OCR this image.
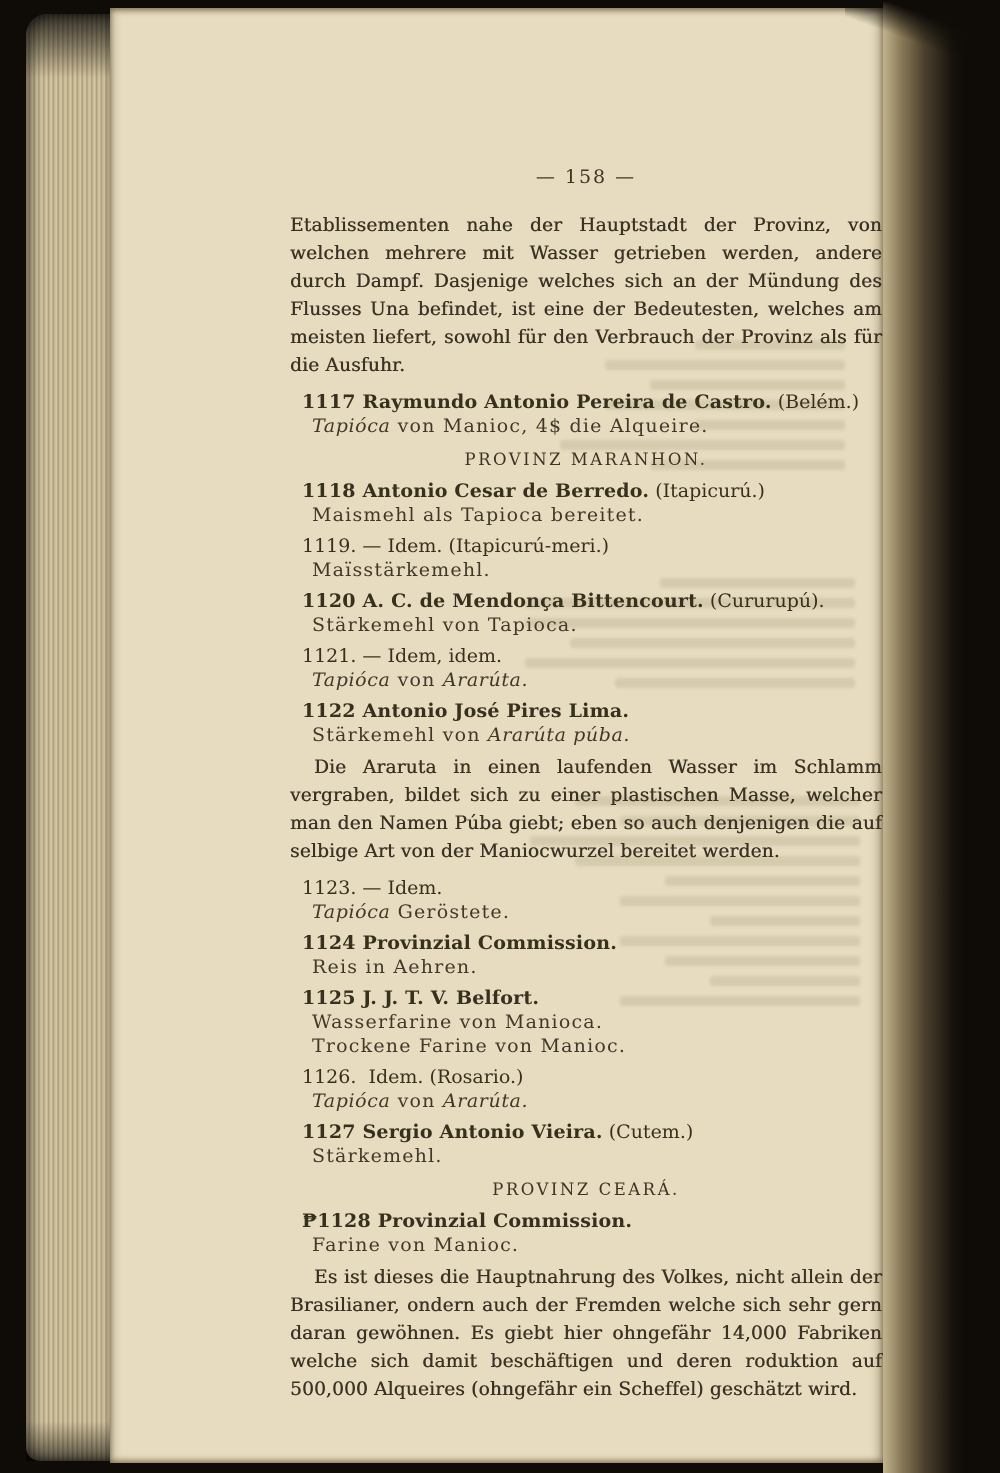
— 158 —

Etablissementen nahe der Hauptstadt der Provinz, von welchen mehrere mit Wasser getrieben werden, andere durch Dampf. Dasjenige welches sich an der Mündung des Flusses Una befindet, ist eine der Bedeutesten, welches am meisten liefert, sowohl für den Verbrauch der Provinz als für die Ausfuhr.

1117 Raymundo Antonio Pereira de Castro. (Belém.)
Tapióca von Manioc, 4$ die Alqueire.
PROVINZ MARANHON.
1118 Antonio Cesar de Berredo. (Itapicurú.)
Maismehl als Tapioca bereitet.
1119. — Idem. (Itapicurú-meri.)
Maïsstärkemehl.
1120 A. C. de Mendonça Bittencourt. (Cururupú).
Stärkemehl von Tapioca.
1121. — Idem, idem.
Tapióca von Ararúta.
1122 Antonio José Pires Lima.
Stärkemehl von Ararúta púba.

Die Araruta in einen laufenden Wasser im Schlamm vergraben, bildet sich zu einer plastischen Masse, welcher man den Namen Púba giebt; eben so auch denjenigen die auf selbige Art von der Maniocwurzel bereitet werden.

1123. — Idem.
Tapióca Geröstete.
1124 Provinzial Commission.
Reis in Aehren.
1125 J. J. T. V. Belfort.
Wasserfarine von Manioca.
Trockene Farine von Manioc.
1126.  Idem. (Rosario.)
Tapióca von Ararúta.
1127 Sergio Antonio Vieira. (Cutem.)
Stärkemehl.
PROVINZ CEARÁ.
₱1128 Provinzial Commission.
Farine von Manioc.

Es ist dieses die Hauptnahrung des Volkes, nicht allein der Brasilianer, ondern auch der Fremden welche sich sehr gern daran gewöhnen. Es giebt hier ohngefähr 14,000 Fabriken welche sich damit beschäftigen und deren roduktion auf 500,000 Alqueires (ohngefähr ein Scheffel) geschätzt wird.
